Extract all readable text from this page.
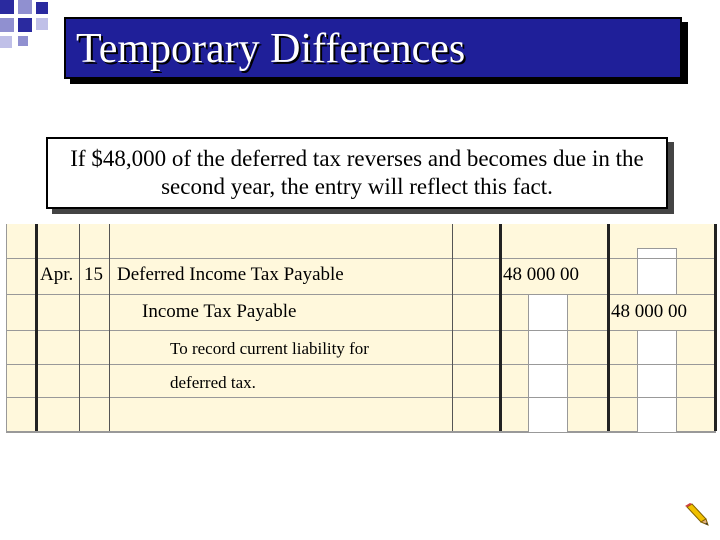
Temporary Differences
If $48,000 of the deferred tax reverses and becomes due in the second year, the entry will reflect this fact.
Apr. 15 Deferred Income Tax Payable	48 000 00
Income Tax Payable	48 000 00
To record current liability for
deferred tax.
